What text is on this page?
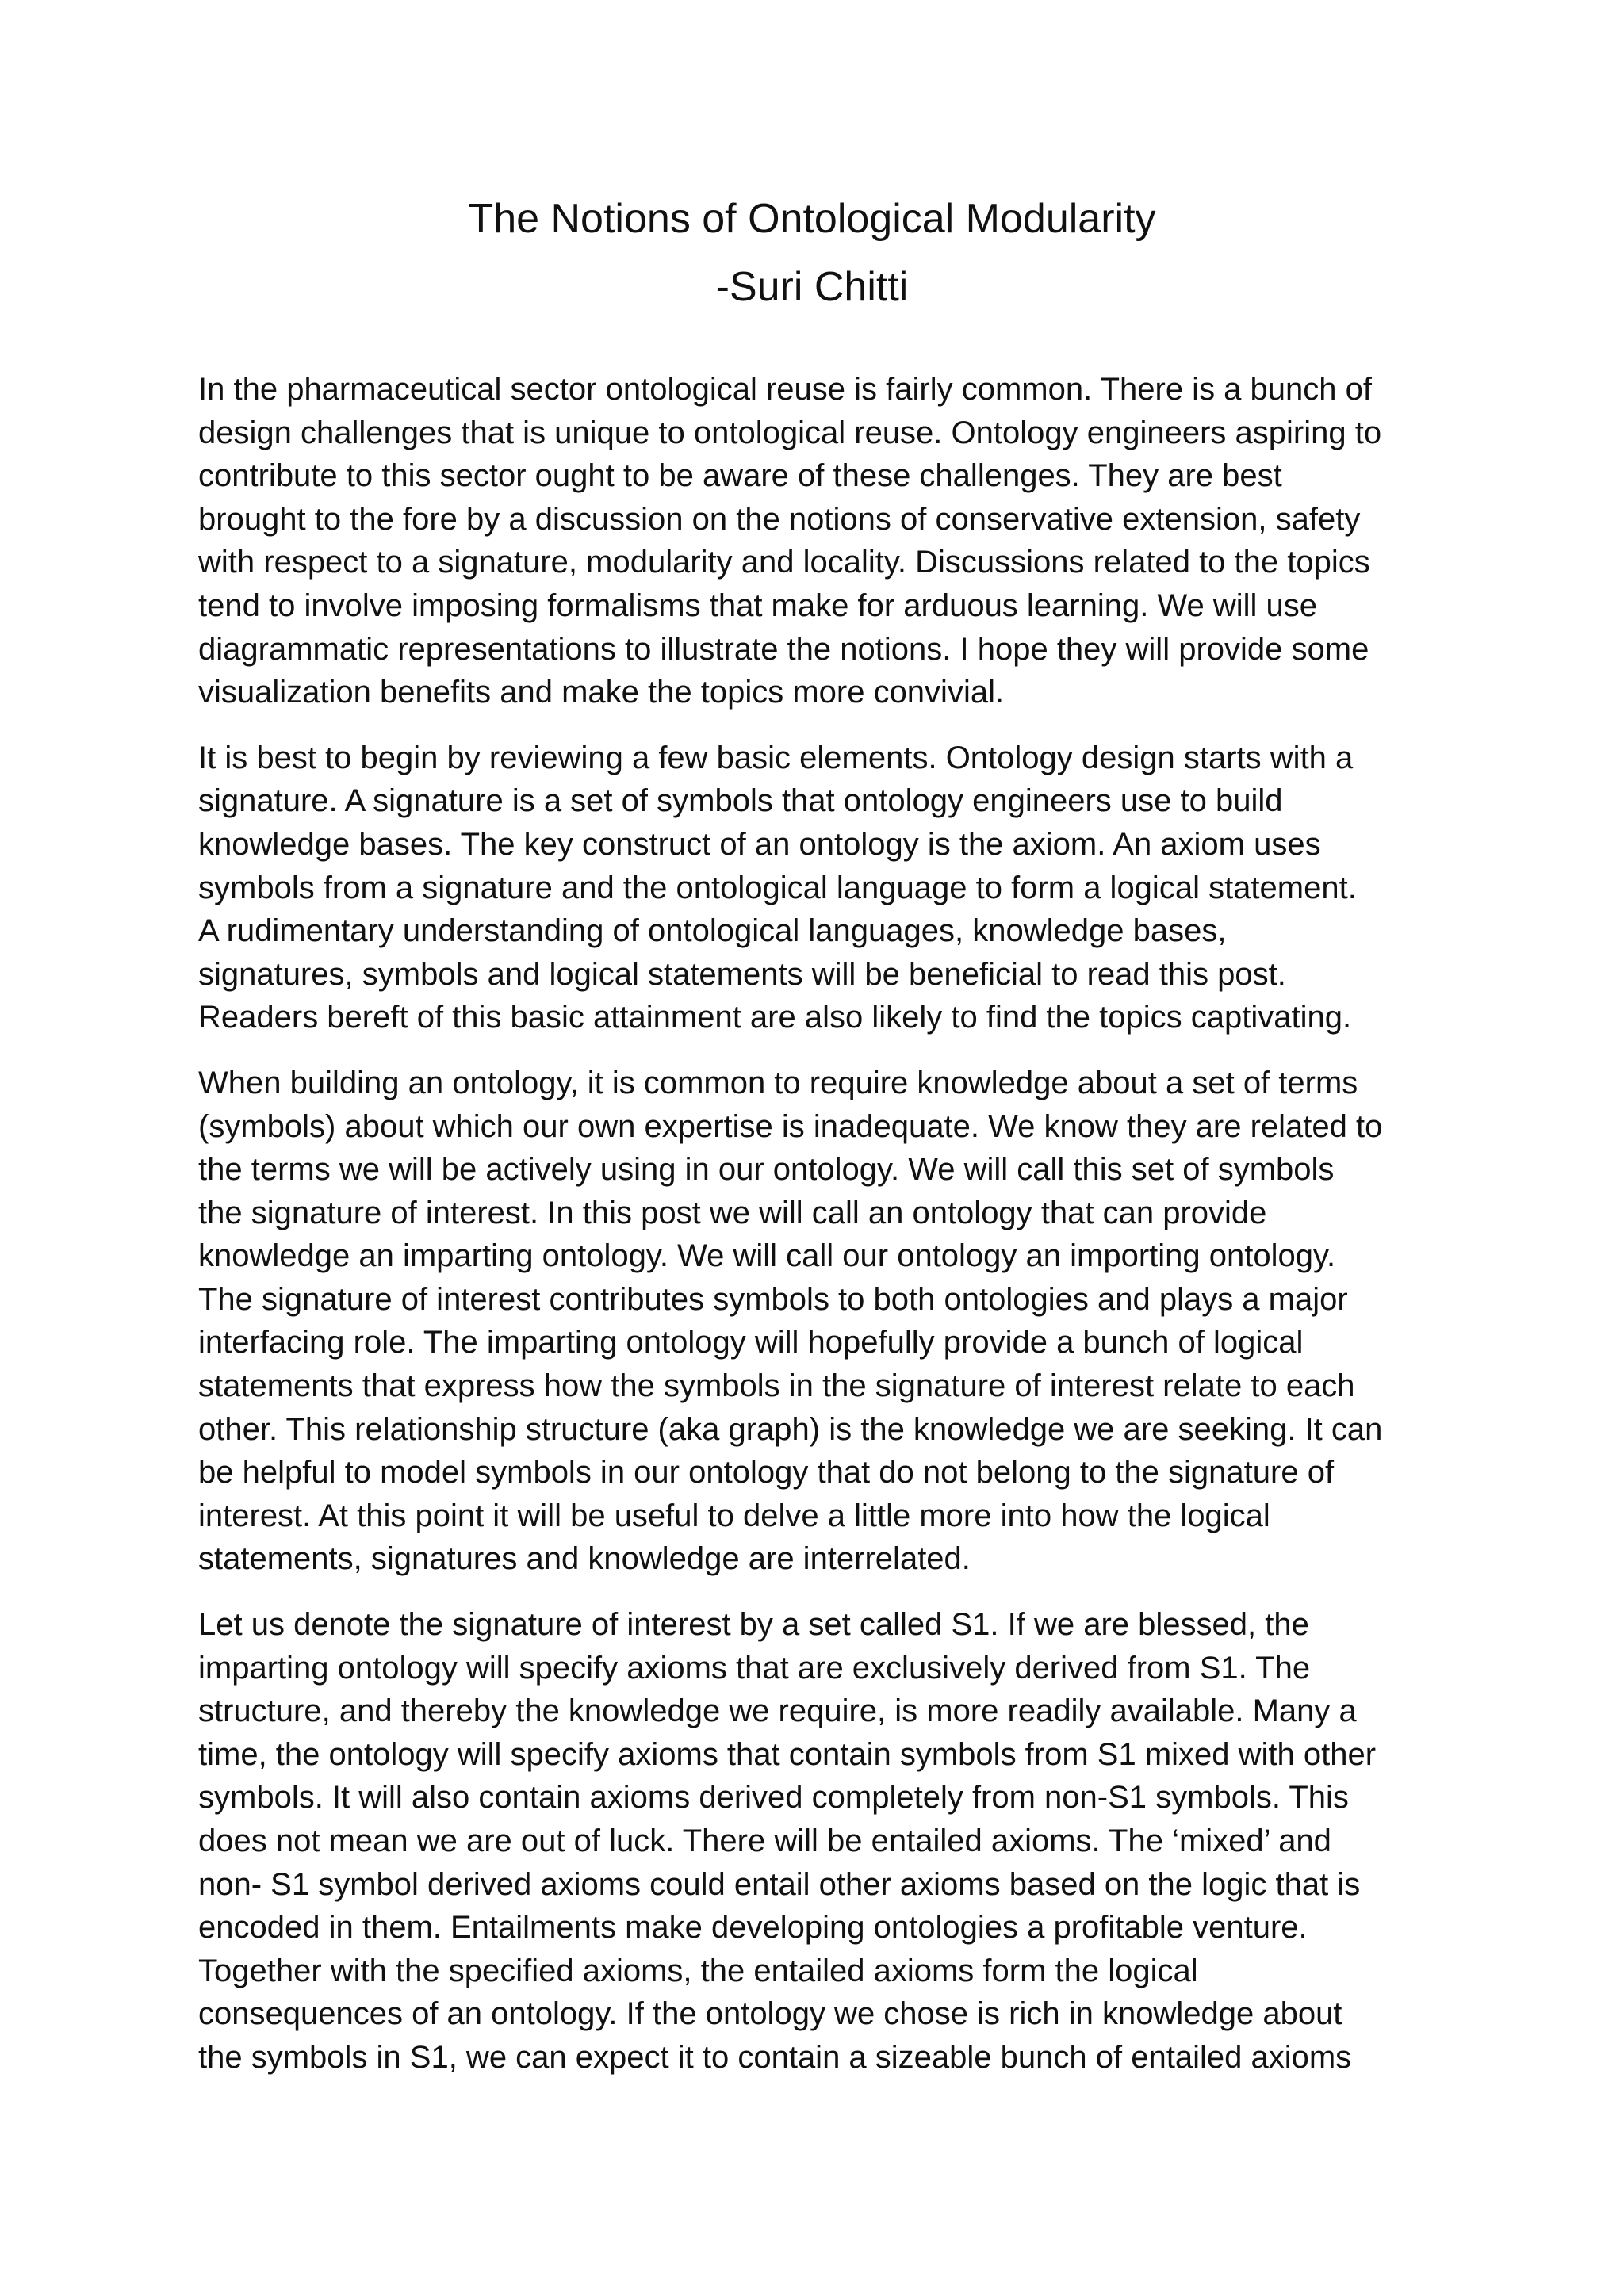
The Notions of Ontological Modularity
-Suri Chitti

In the pharmaceutical sector ontological reuse is fairly common. There is a bunch of
design challenges that is unique to ontological reuse. Ontology engineers aspiring to
contribute to this sector ought to be aware of these challenges. They are best
brought to the fore by a discussion on the notions of conservative extension, safety
with respect to a signature, modularity and locality. Discussions related to the topics
tend to involve imposing formalisms that make for arduous learning. We will use
diagrammatic representations to illustrate the notions. I hope they will provide some
visualization benefits and make the topics more convivial.

It is best to begin by reviewing a few basic elements. Ontology design starts with a
signature. A signature is a set of symbols that ontology engineers use to build
knowledge bases. The key construct of an ontology is the axiom. An axiom uses
symbols from a signature and the ontological language to form a logical statement.
A rudimentary understanding of ontological languages, knowledge bases,
signatures, symbols and logical statements will be beneficial to read this post.
Readers bereft of this basic attainment are also likely to find the topics captivating.

When building an ontology, it is common to require knowledge about a set of terms
(symbols) about which our own expertise is inadequate. We know they are related to
the terms we will be actively using in our ontology. We will call this set of symbols
the signature of interest. In this post we will call an ontology that can provide
knowledge an imparting ontology. We will call our ontology an importing ontology.
The signature of interest contributes symbols to both ontologies and plays a major
interfacing role. The imparting ontology will hopefully provide a bunch of logical
statements that express how the symbols in the signature of interest relate to each
other. This relationship structure (aka graph) is the knowledge we are seeking. It can
be helpful to model symbols in our ontology that do not belong to the signature of
interest. At this point it will be useful to delve a little more into how the logical
statements, signatures and knowledge are interrelated.

Let us denote the signature of interest by a set called S1. If we are blessed, the
imparting ontology will specify axioms that are exclusively derived from S1. The
structure, and thereby the knowledge we require, is more readily available. Many a
time, the ontology will specify axioms that contain symbols from S1 mixed with other
symbols. It will also contain axioms derived completely from non-S1 symbols. This
does not mean we are out of luck. There will be entailed axioms. The ‘mixed’ and
non- S1 symbol derived axioms could entail other axioms based on the logic that is
encoded in them. Entailments make developing ontologies a profitable venture.
Together with the specified axioms, the entailed axioms form the logical
consequences of an ontology. If the ontology we chose is rich in knowledge about
the symbols in S1, we can expect it to contain a sizeable bunch of entailed axioms
